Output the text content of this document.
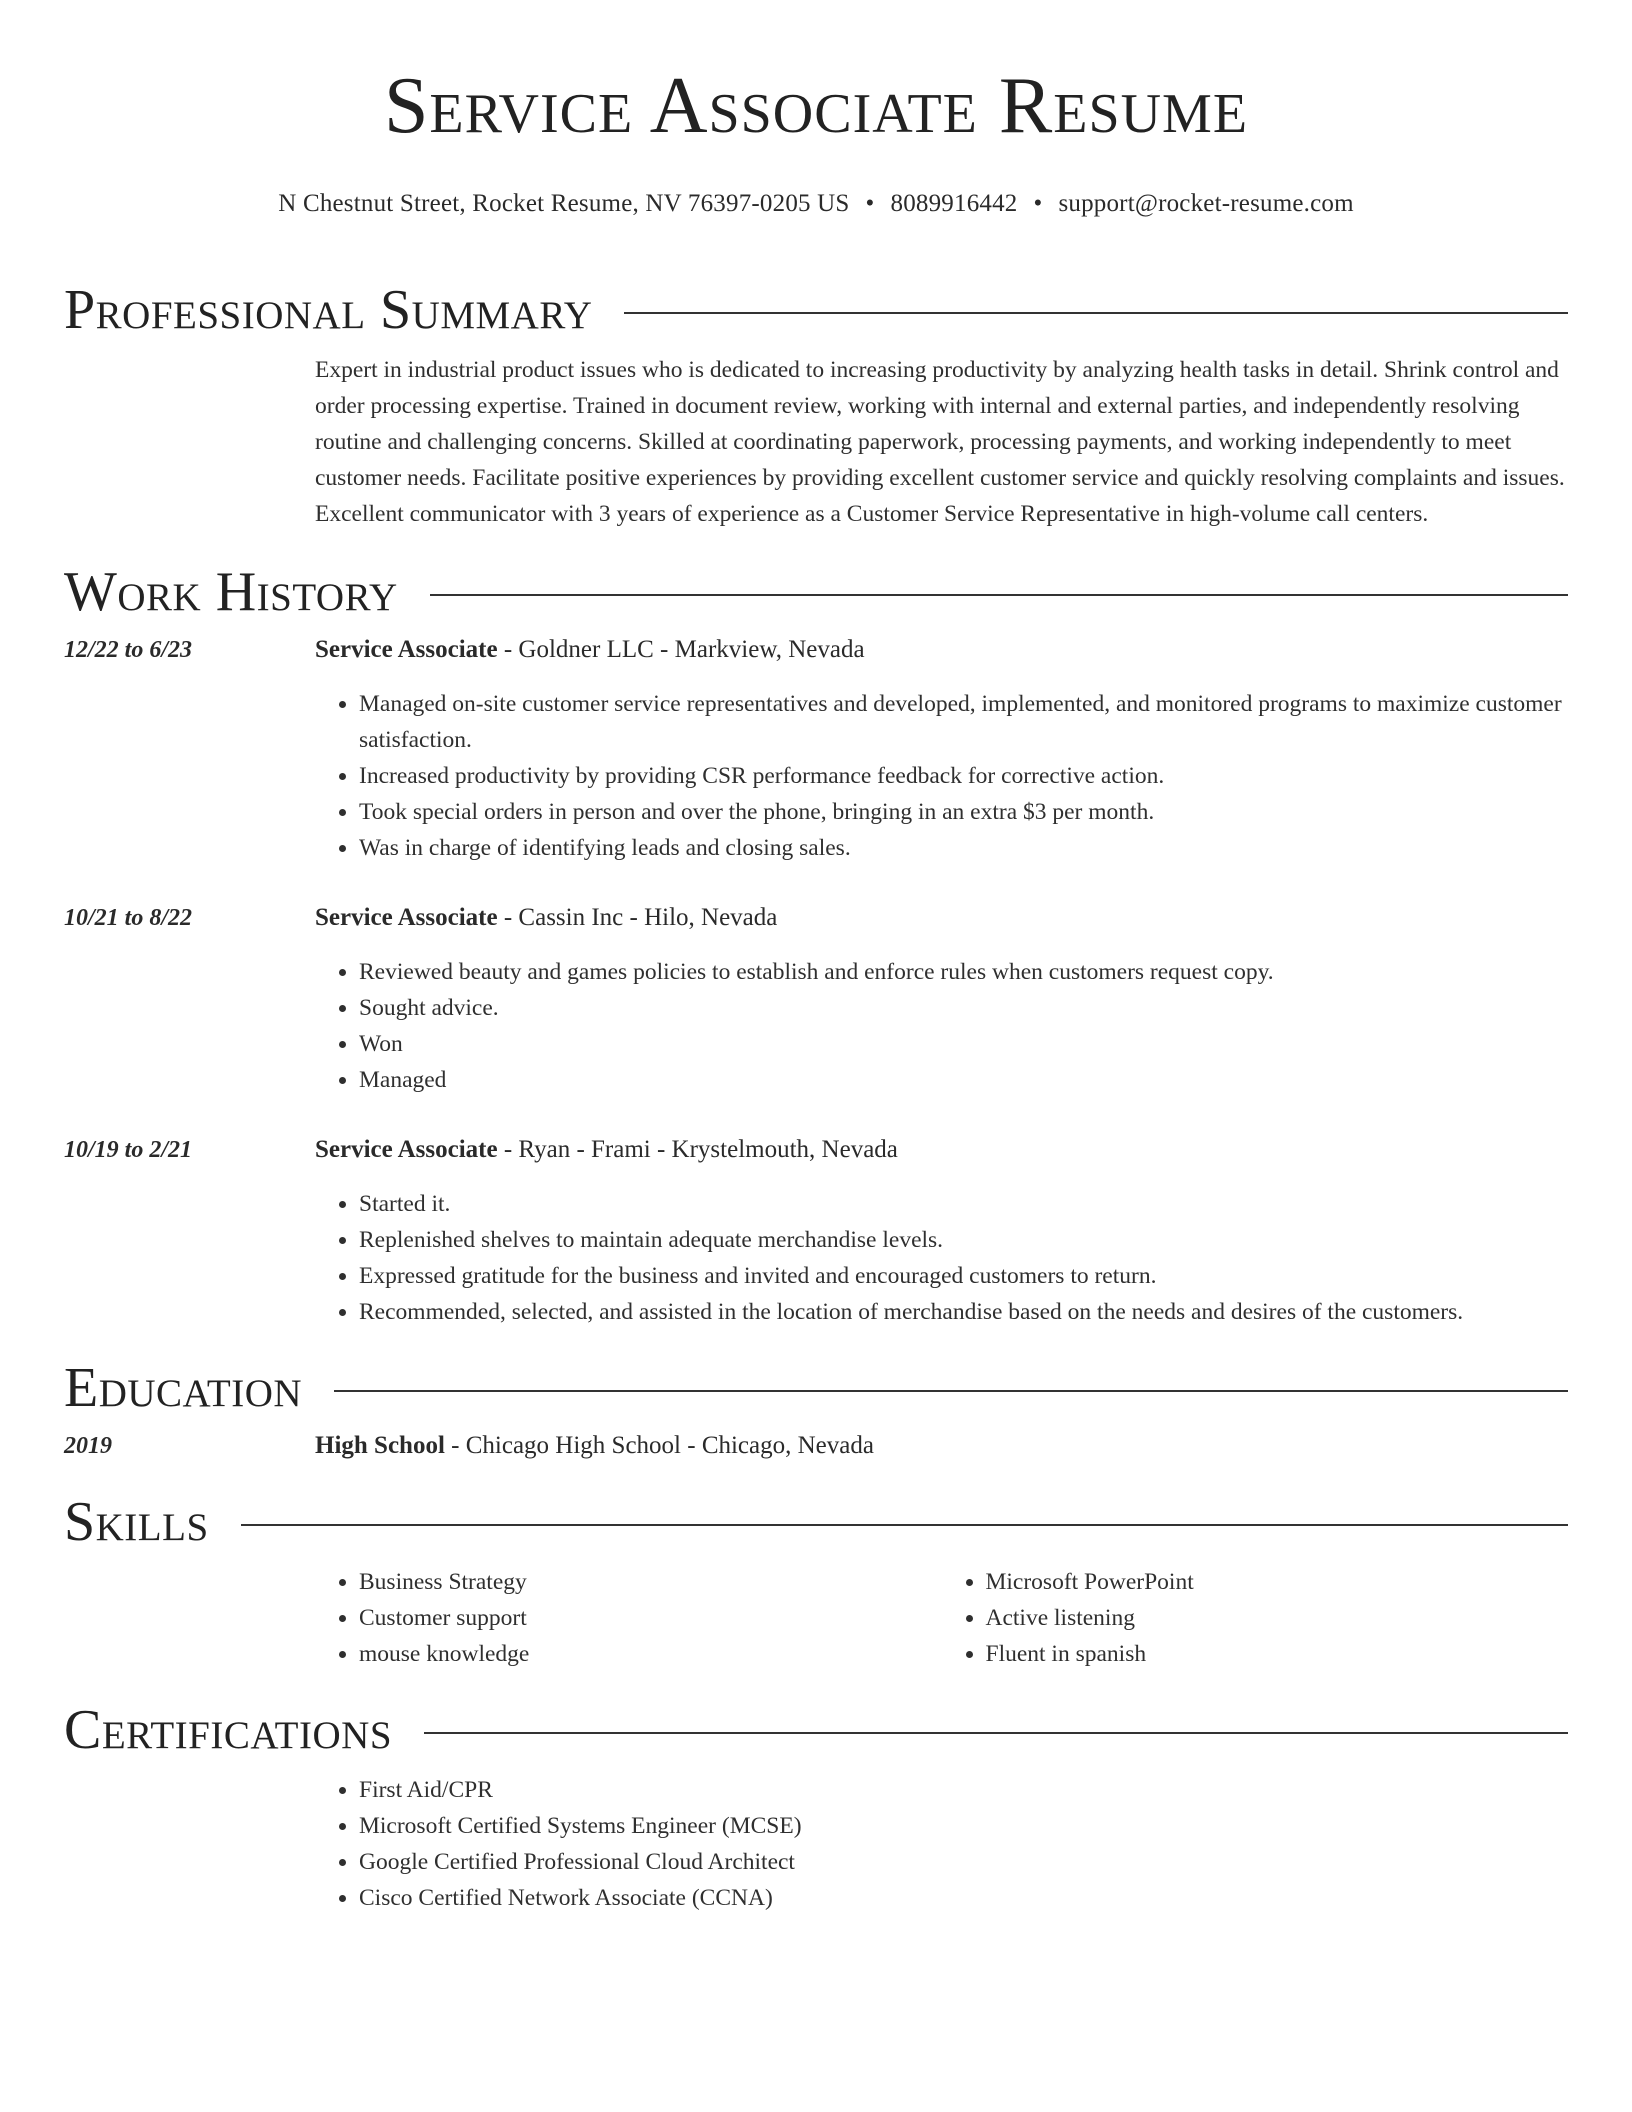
Service Associate Resume
N Chestnut Street, Rocket Resume, NV 76397-0205 US • 8089916442 • support@rocket-resume.com
Professional Summary
Expert in industrial product issues who is dedicated to increasing productivity by analyzing health tasks in detail. Shrink control and order processing expertise. Trained in document review, working with internal and external parties, and independently resolving routine and challenging concerns. Skilled at coordinating paperwork, processing payments, and working independently to meet customer needs. Facilitate positive experiences by providing excellent customer service and quickly resolving complaints and issues. Excellent communicator with 3 years of experience as a Customer Service Representative in high-volume call centers.
Work History
12/22 to 6/23	Service Associate - Goldner LLC - Markview, Nevada
• Managed on-site customer service representatives and developed, implemented, and monitored programs to maximize customer satisfaction.
• Increased productivity by providing CSR performance feedback for corrective action.
• Took special orders in person and over the phone, bringing in an extra $3 per month.
• Was in charge of identifying leads and closing sales.
10/21 to 8/22	Service Associate - Cassin Inc - Hilo, Nevada
• Reviewed beauty and games policies to establish and enforce rules when customers request copy.
• Sought advice.
• Won
• Managed
10/19 to 2/21	Service Associate - Ryan - Frami - Krystelmouth, Nevada
• Started it.
• Replenished shelves to maintain adequate merchandise levels.
• Expressed gratitude for the business and invited and encouraged customers to return.
• Recommended, selected, and assisted in the location of merchandise based on the needs and desires of the customers.
Education
2019	High School - Chicago High School - Chicago, Nevada
Skills
• Business Strategy
• Customer support
• mouse knowledge
• Microsoft PowerPoint
• Active listening
• Fluent in spanish
Certifications
• First Aid/CPR
• Microsoft Certified Systems Engineer (MCSE)
• Google Certified Professional Cloud Architect
• Cisco Certified Network Associate (CCNA)
